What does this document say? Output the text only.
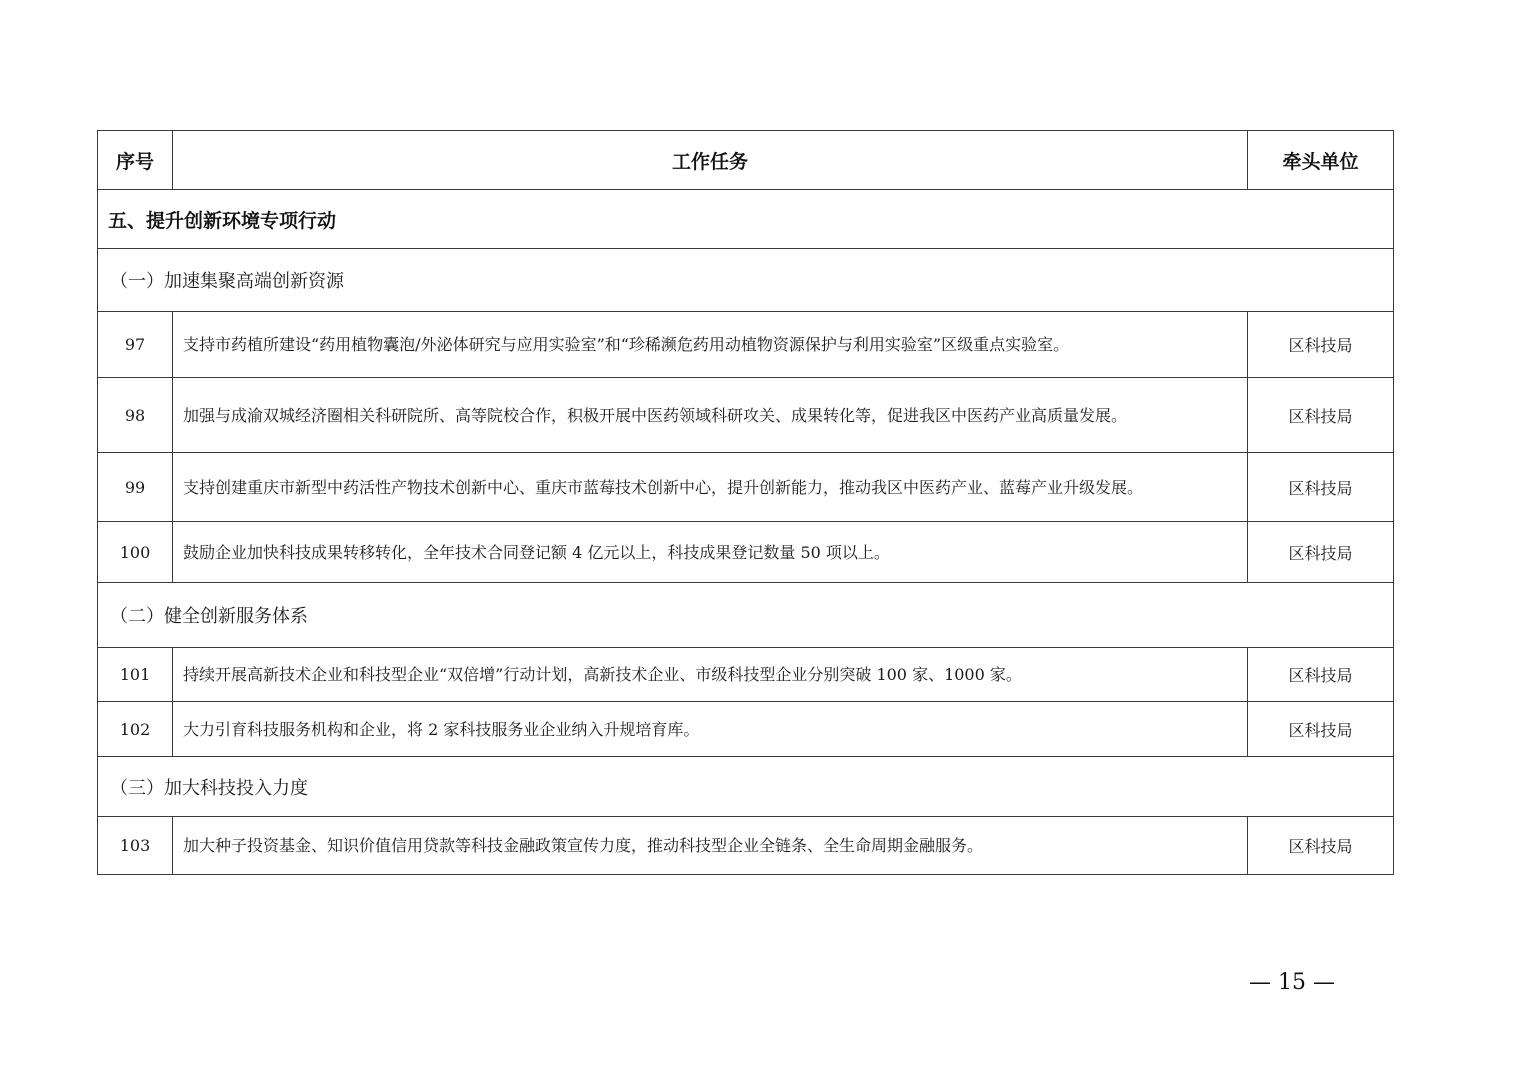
序号	工作任务	牵头单位
五、提升创新环境专项行动		
（一）加速集聚高端创新资源		
97	支持市药植所建设“药用植物囊泡/外泌体研究与应用实验室”和“珍稀濒危药用动植物资源保护与利用实验室”区级重点实验室。	区科技局
98	加强与成渝双城经济圈相关科研院所、高等院校合作，积极开展中医药领域科研攻关、成果转化等，促进我区中医药产业高质量发展。	区科技局
99	支持创建重庆市新型中药活性产物技术创新中心、重庆市蓝莓技术创新中心，提升创新能力，推动我区中医药产业、蓝莓产业升级发展。	区科技局
100	鼓励企业加快科技成果转移转化，全年技术合同登记额 4 亿元以上，科技成果登记数量 50 项以上。	区科技局
（二）健全创新服务体系		
101	持续开展高新技术企业和科技型企业“双倍增”行动计划，高新技术企业、市级科技型企业分别突破 100 家、1000 家。	区科技局
102	大力引育科技服务机构和企业，将 2 家科技服务业企业纳入升规培育库。	区科技局
（三）加大科技投入力度		
103	加大种子投资基金、知识价值信用贷款等科技金融政策宣传力度，推动科技型企业全链条、全生命周期金融服务。	区科技局
— 15 —
